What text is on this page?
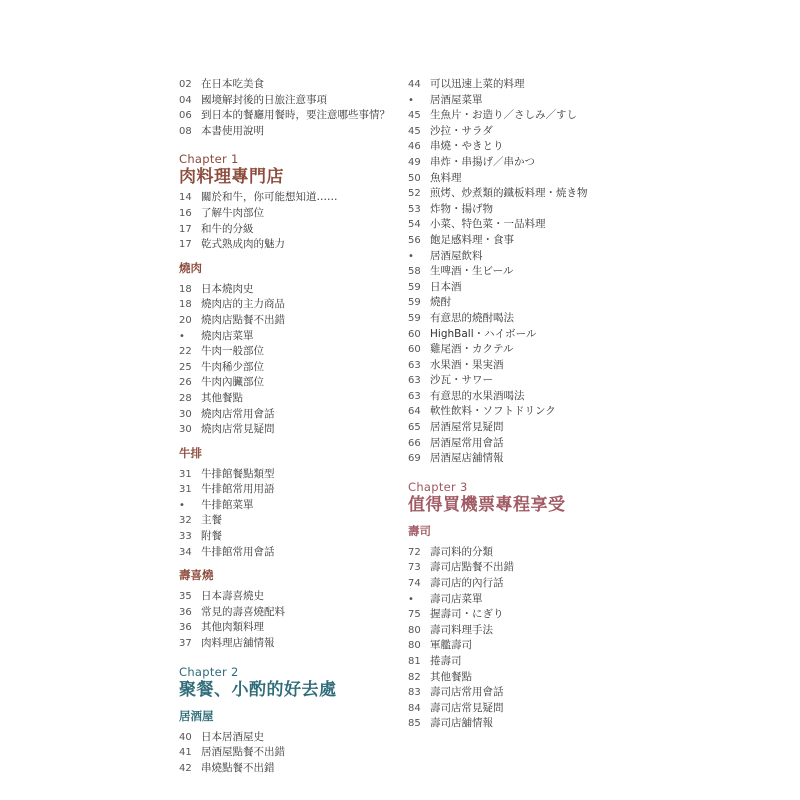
02 在日本吃美食
04 國境解封後的日旅注意事項
06 到日本的餐廳用餐時，要注意哪些事情？
08 本書使用說明
Chapter 1
肉料理專門店
14 關於和牛，你可能想知道……
16 了解牛肉部位
17 和牛的分級
17 乾式熟成肉的魅力
燒肉
18 日本燒肉史
18 燒肉店的主力商品
20 燒肉店點餐不出錯
•	燒肉店菜單
22 牛肉一般部位
25 牛肉稀少部位
26 牛肉內臟部位
28 其他餐點
30 燒肉店常用會話
30 燒肉店常見疑問
牛排
31 牛排館餐點類型
31 牛排館常用用語
•	牛排館菜單
32 主餐
33 附餐
34 牛排館常用會話
壽喜燒
35 日本壽喜燒史
36 常見的壽喜燒配料
36 其他肉類料理
37 肉料理店舖情報
Chapter 2
聚餐、小酌的好去處
居酒屋
40 日本居酒屋史
41 居酒屋點餐不出錯
42 串燒點餐不出錯
44 可以迅速上菜的料理
•	居酒屋菜單
45 生魚片・お造り／さしみ／すし
45 沙拉・サラダ
46 串燒・やきとり
49 串炸・串揚げ／串かつ
50 魚料理
52 煎烤、炒煮類的鐵板料理・焼き物
53 炸物・揚げ物
54 小菜、特色菜・一品料理
56 飽足感料理・食事
•	居酒屋飲料
58 生啤酒・生ビール
59 日本酒
59 燒酎
59 有意思的燒酎喝法
60 HighBall・ハイボール
60 雞尾酒・カクテル
63 水果酒・果実酒
63 沙瓦・サワー
63 有意思的水果酒喝法
64 軟性飲料・ソフトドリンク
65 居酒屋常見疑問
66 居酒屋常用會話
69 居酒屋店舖情報
Chapter 3
值得買機票專程享受
壽司
72 壽司料的分類
73 壽司店點餐不出錯
74 壽司店的內行話
•	壽司店菜單
75 握壽司・にぎり
80 壽司料理手法
80 軍艦壽司
81 捲壽司
82 其他餐點
83 壽司店常用會話
84 壽司店常見疑問
85 壽司店舖情報
